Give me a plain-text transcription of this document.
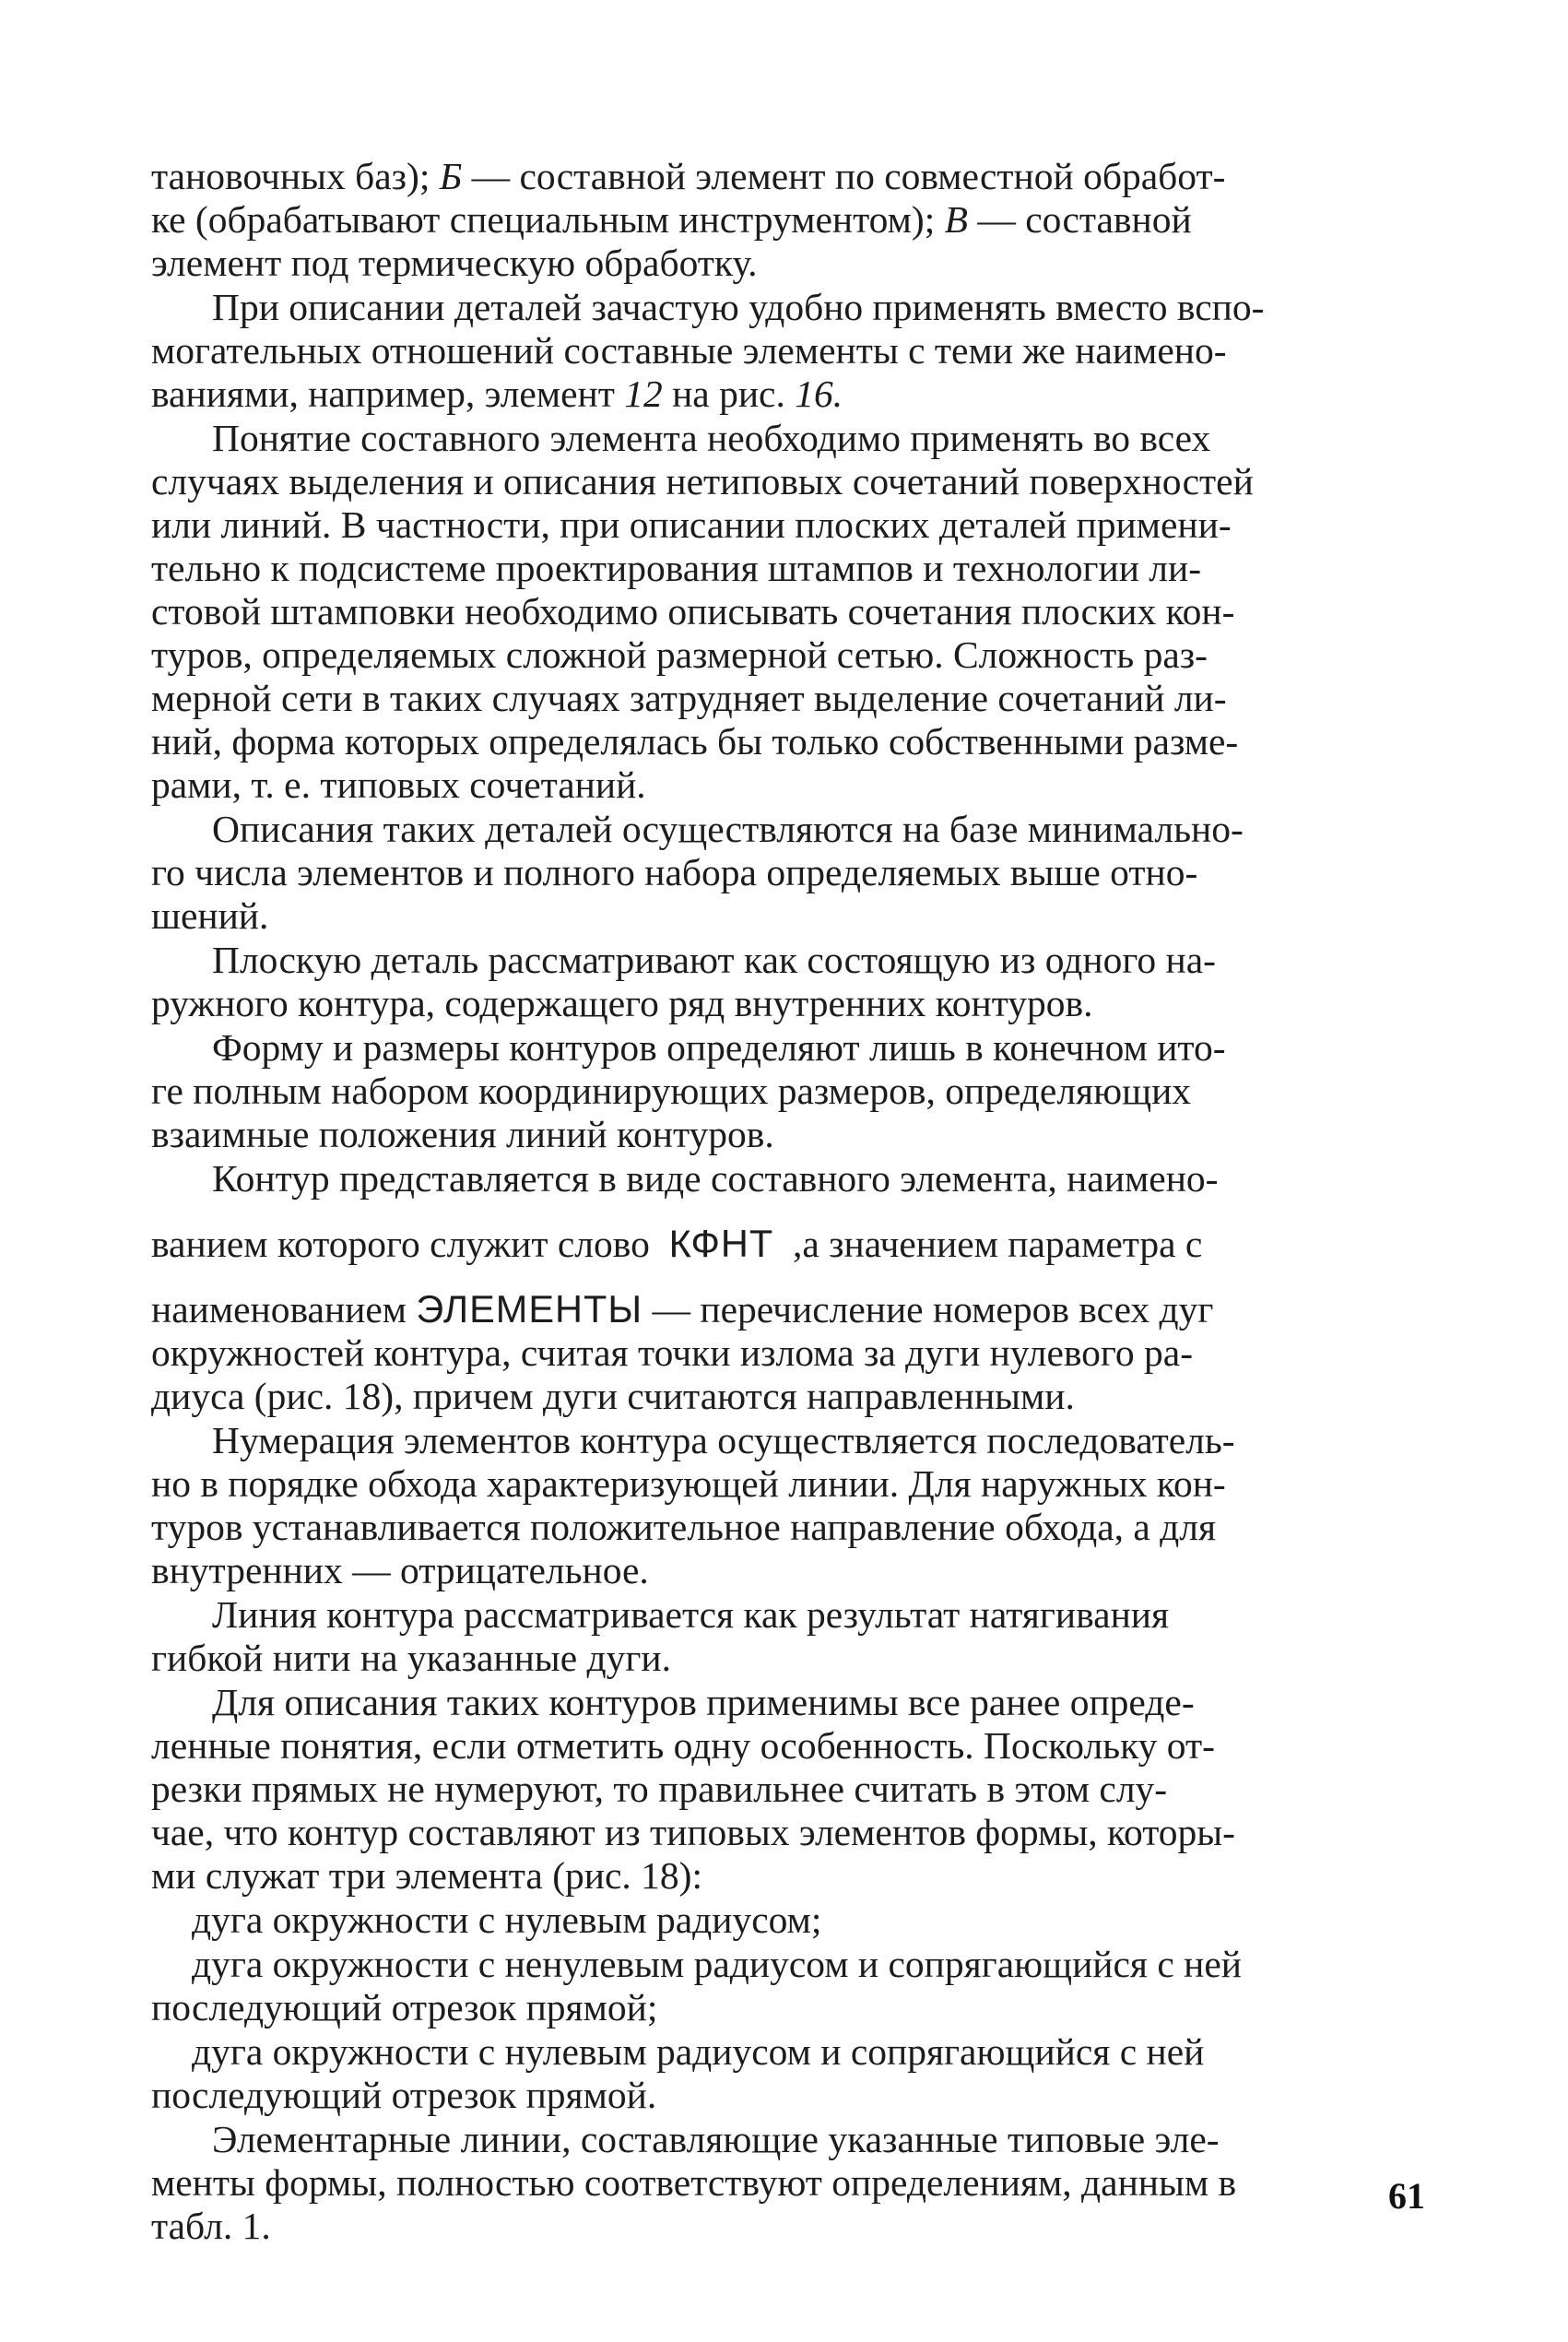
тановочных баз); Б — составной элемент по совместной обработ-
ке (обрабатывают специальным инструментом); В — составной
элемент под термическую обработку.

При описании деталей зачастую удобно применять вместо вспо-
могательных отношений составные элементы с теми же наимено-
ваниями, например, элемент 12 на рис. 16.

Понятие составного элемента необходимо применять во всех
случаях выделения и описания нетиповых сочетаний поверхностей
или линий. В частности, при описании плоских деталей примени-
тельно к подсистеме проектирования штампов и технологии ли-
стовой штамповки необходимо описывать сочетания плоских кон-
туров, определяемых сложной размерной сетью. Сложность раз-
мерной сети в таких случаях затрудняет выделение сочетаний ли-
ний, форма которых определялась бы только собственными разме-
рами, т. е. типовых сочетаний.

Описания таких деталей осуществляются на базе минимально-
го числа элементов и полного набора определяемых выше отно-
шений.

Плоскую деталь рассматривают как состоящую из одного на-
ружного контура, содержащего ряд внутренних контуров.

Форму и размеры контуров определяют лишь в конечном ито-
ге полным набором координирующих размеров, определяющих
взаимные положения линий контуров.

Контур представляется в виде составного элемента, наимено-

ванием которого служит слово  КФНТ  ,а значением параметра с

наименованием ЭЛЕМЕНТЫ — перечисление номеров всех дуг
окружностей контура, считая точки излома за дуги нулевого ра-
диуса (рис. 18), причем дуги считаются направленными.

Нумерация элементов контура осуществляется последователь-
но в порядке обхода характеризующей линии. Для наружных кон-
туров устанавливается положительное направление обхода, а для
внутренних — отрицательное.

Линия контура рассматривается как результат натягивания
гибкой нити на указанные дуги.

Для описания таких контуров применимы все ранее опреде-
ленные понятия, если отметить одну особенность. Поскольку от-
резки прямых не нумеруют, то правильнее считать в этом слу-
чае, что контур составляют из типовых элементов формы, которы-
ми служат три элемента (рис. 18):

дуга окружности с нулевым радиусом;

дуга окружности с ненулевым радиусом и сопрягающийся с ней
последующий отрезок прямой;

дуга окружности с нулевым радиусом и сопрягающийся с ней
последующий отрезок прямой.

Элементарные линии, составляющие указанные типовые эле-
менты формы, полностью соответствуют определениям, данным в
табл. 1.

61
